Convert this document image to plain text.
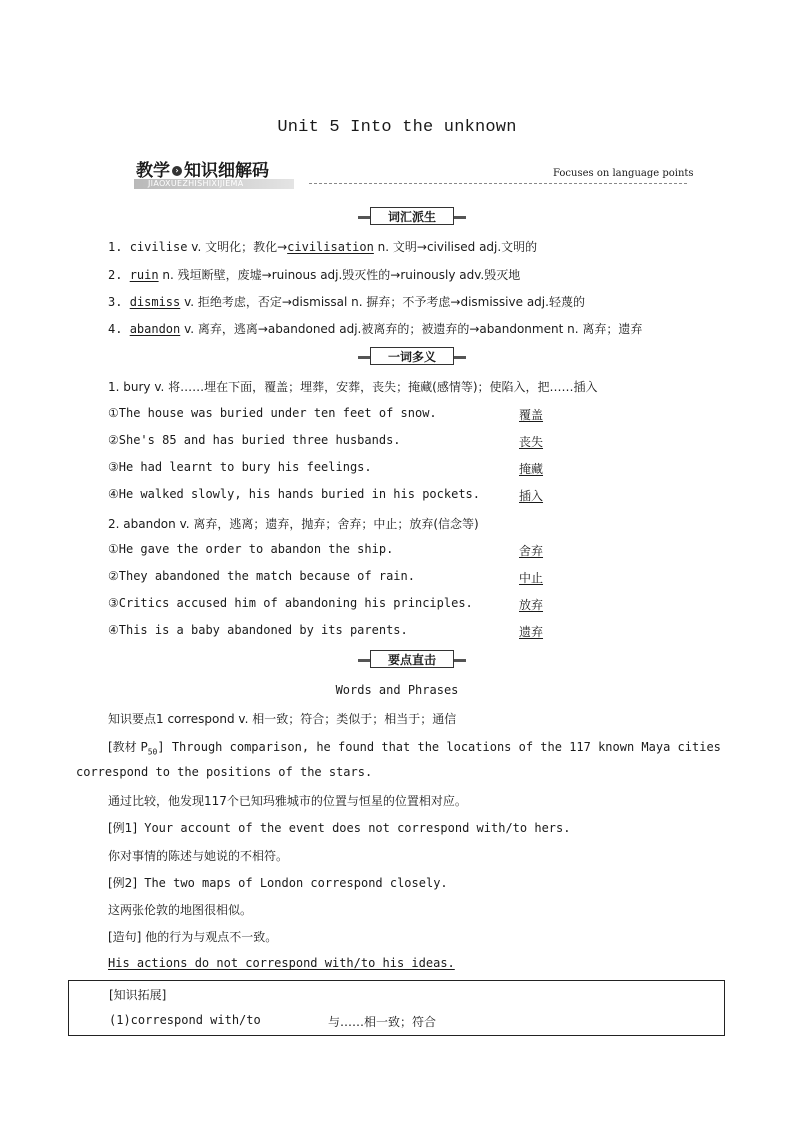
Unit 5 Into the unknown
教学 › 知识细解码
JIAOXUEZHISHIXIJIEMA
Focuses on language points
词汇派生
1. civilise v. 文明化；教化→civilisation n. 文明→civilised adj.文明的
2. ruin n. 残垣断壁，废墟→ruinous adj.毁灭性的→ruinously adv.毁灭地
3. dismiss v. 拒绝考虑，否定→dismissal n. 摒弃；不予考虑→dismissive adj.轻蔑的
4. abandon v. 离弃，逃离→abandoned adj.被离弃的；被遗弃的→abandonment n. 离弃；遗弃
一词多义
1. bury v. 将……埋在下面，覆盖；埋葬，安葬，丧失；掩藏(感情等)；使陷入，把……插入
①The house was buried under ten feet of snow.	覆盖
②She's 85 and has buried three husbands.	丧失
③He had learnt to bury his feelings.	掩藏
④He walked slowly, his hands buried in his pockets.	插入
2. abandon v. 离弃，逃离；遗弃，抛弃；舍弃；中止；放弃(信念等)
①He gave the order to abandon the ship.	舍弃
②They abandoned the match because of rain.	中止
③Critics accused him of abandoning his principles.	放弃
④This is a baby abandoned by its parents.	遗弃
要点直击
Words and Phrases
知识要点1 correspond v. 相一致；符合；类似于；相当于；通信
[教材 $P_{50}$] Through comparison, he found that the locations of the 117 known Maya cities
correspond to the positions of the stars.
通过比较，他发现117个已知玛雅城市的位置与恒星的位置相对应。
[例1] Your account of the event does not correspond with/to hers.
你对事情的陈述与她说的不相符。
[例2] The two maps of London correspond closely.
这两张伦敦的地图很相似。
[造句] 他的行为与观点不一致。
His actions do not correspond with/to his ideas.
[知识拓展]
(1)correspond with/to	与……相一致；符合
